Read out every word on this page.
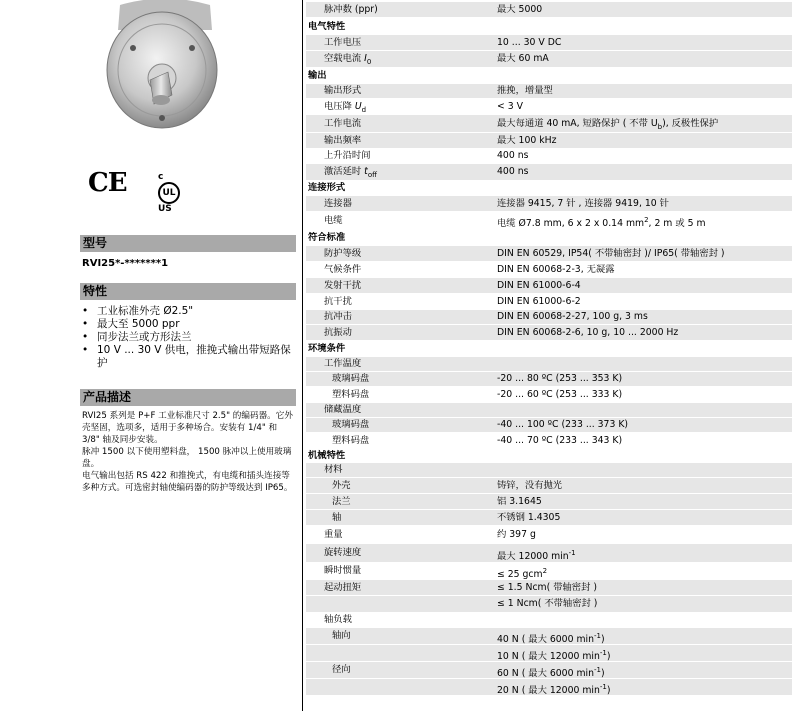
CE	cULUS
型号
RVI25*-*******1
特性
• 工业标准外壳 Ø2.5"
• 最大至 5000 ppr
• 同步法兰或方形法兰
• 10 V ... 30 V 供电，推挽式输出带短路保护
产品描述

RVI25 系列是 P+F 工业标准尺寸 2.5" 的编码器。它外壳坚固，选项多，适用于多种场合。安装有 1/4" 和 3/8" 轴及同步安装。

脉冲 1500 以下使用塑料盘， 1500 脉冲以上使用玻璃盘。

电气输出包括 RS 422 和推挽式，有电缆和插头连接等多种方式。可选密封轴使编码器的防护等级达到 IP65。

脉冲数 (ppr)	最大 5000
电气特性
工作电压	10 ... 30 V DC
空载电流 $I_0$	最大 60 mA
输出
输出形式	推挽，增量型
电压降 $U_d$	< 3 V
工作电流	最大每通道 40 mA, 短路保护 ( 不带 $U_b$), 反极性保护
输出频率	最大 100 kHz
上升沿时间	400 ns
激活延时 $t_{off}$	400 ns
连接形式
连接器	连接器 9415, 7 针 , 连接器 9419, 10 针
电缆	电缆 Ø7.8 mm, 6 x 2 x 0.14 $mm^2$, 2 m 或 5 m
符合标准
防护等级	DIN EN 60529, IP54( 不带轴密封 )/ IP65( 带轴密封 )
气候条件	DIN EN 60068-2-3, 无凝露
发射干扰	DIN EN 61000-6-4
抗干扰	DIN EN 61000-6-2
抗冲击	DIN EN 60068-2-27, 100 g, 3 ms
抗振动	DIN EN 60068-2-6, 10 g, 10 ... 2000 Hz
环境条件
工作温度
玻璃码盘	-20 ... 80 ºC (253 ... 353 K)
塑料码盘	-20 ... 60 ºC (253 ... 333 K)
储藏温度
玻璃码盘	-40 ... 100 ºC (233 ... 373 K)
塑料码盘	-40 ... 70 ºC (233 ... 343 K)
机械特性
材料
外壳	铸锌，没有抛光
法兰	铝 3.1645
轴	不锈钢 1.4305
重量	约 397 g
旋转速度	最大 12000 $\min^{-1}$
瞬时惯量	≤ 25 gcm$^2$
起动扭矩	≤ 1.5 Ncm( 带轴密封 )
≤ 1 Ncm( 不带轴密封 )
轴负载
轴向	40 N ( 最大 6000 $\min^{-1}$)
10 N ( 最大 12000 $\min^{-1}$)
径向	60 N ( 最大 6000 $\min^{-1}$)
20 N ( 最大 12000 $\min^{-1}$)
